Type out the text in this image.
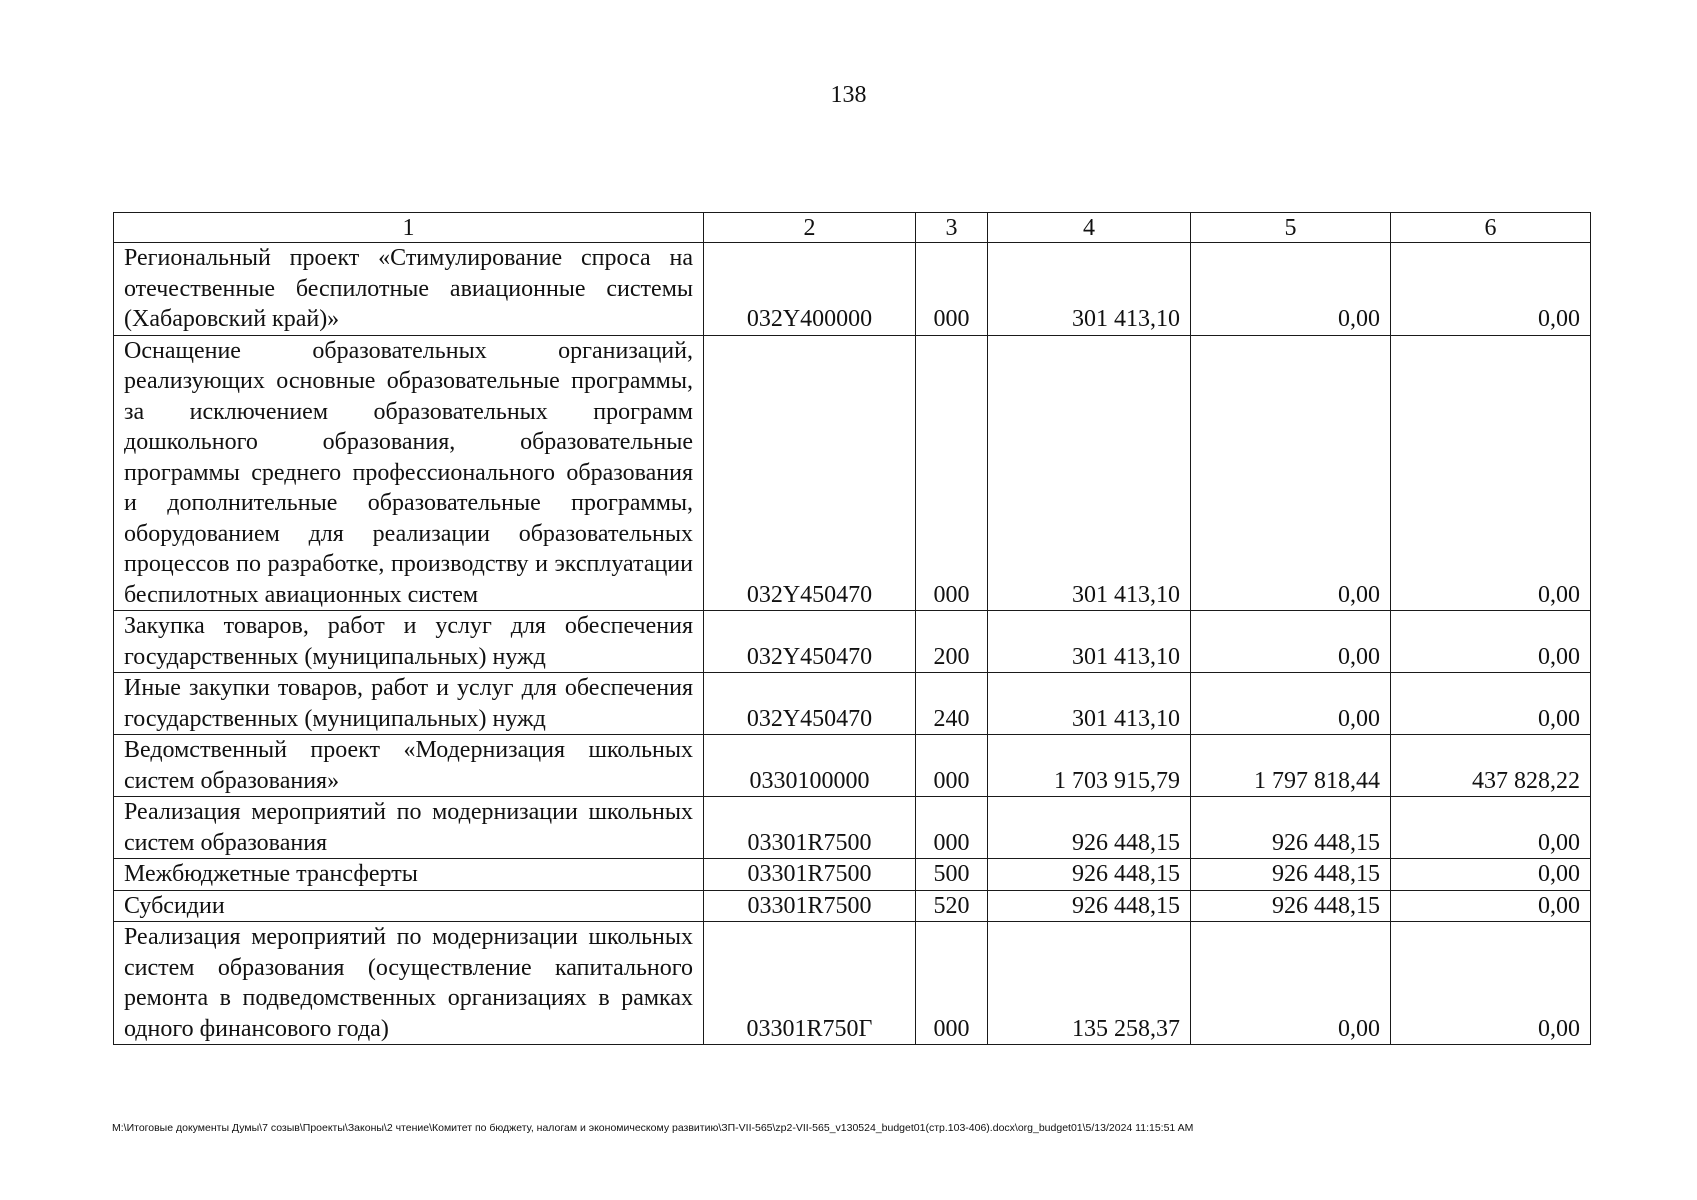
138
1	2	3	4	5	6
Региональный проект «Стимулирование спроса на отечественные беспилотные авиационные системы (Хабаровский край)»	032Y400000	000	301 413,10	0,00	0,00
Оснащение образовательных организаций, реализующих основные образовательные программы, за исключением образовательных программ дошкольного образования, образовательные программы среднего профессионального образования и дополнительные образовательные программы, оборудованием для реализации образовательных процессов по разработке, производству и эксплуатации беспилотных авиационных систем	032Y450470	000	301 413,10	0,00	0,00
Закупка товаров, работ и услуг для обеспечения государственных (муниципальных) нужд	032Y450470	200	301 413,10	0,00	0,00
Иные закупки товаров, работ и услуг для обеспечения государственных (муниципальных) нужд	032Y450470	240	301 413,10	0,00	0,00
Ведомственный проект «Модернизация школьных систем образования»	0330100000	000	1 703 915,79	1 797 818,44	437 828,22
Реализация мероприятий по модернизации школьных систем образования	03301R7500	000	926 448,15	926 448,15	0,00
Межбюджетные трансферты	03301R7500	500	926 448,15	926 448,15	0,00
Субсидии	03301R7500	520	926 448,15	926 448,15	0,00
Реализация мероприятий по модернизации школьных систем образования (осуществление капитального ремонта в подведомственных организациях в рамках одного финансового года)	03301R750Г	000	135 258,37	0,00	0,00
M:\Итоговые документы Думы\7 созыв\Проекты\Законы\2 чтение\Комитет по бюджету, налогам и экономическому развитию\ЗП-VII-565\zp2-VII-565_v130524_budget01(стр.103-406).docx\org_budget01\5/13/2024 11:15:51 AM
